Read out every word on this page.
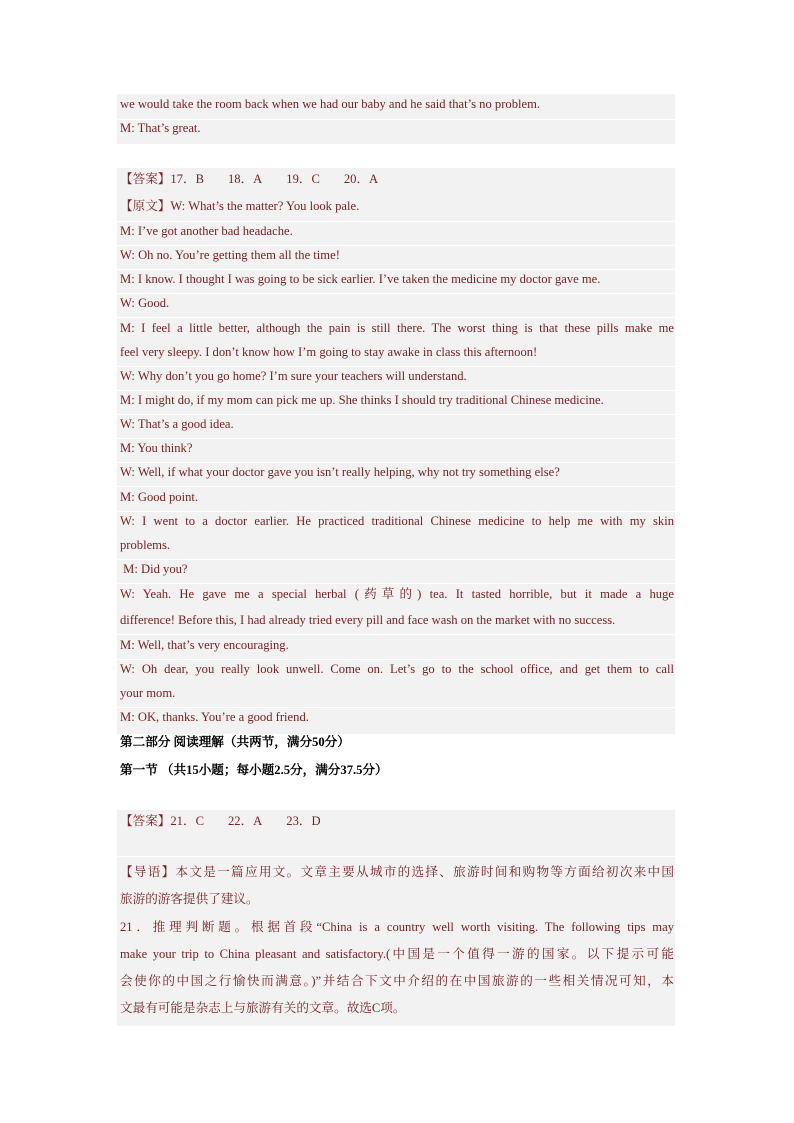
we would take the room back when we had our baby and he said that’s no problem.
M: That’s great.
【答案】17．B 18．A 19．C 20．A
【原文】W: What’s the matter? You look pale.
M: I’ve got another bad headache.
W: Oh no. You’re getting them all the time!
M: I know. I thought I was going to be sick earlier. I’ve taken the medicine my doctor gave me.
W: Good.
M: I feel a little better, although the pain is still there. The worst thing is that these pills make me
feel very sleepy. I don’t know how I’m going to stay awake in class this afternoon!
W: Why don’t you go home? I’m sure your teachers will understand.
M: I might do, if my mom can pick me up. She thinks I should try traditional Chinese medicine.
W: That’s a good idea.
M: You think?
W: Well, if what your doctor gave you isn’t really helping, why not try something else?
M: Good point.
W: I went to a doctor earlier. He practiced traditional Chinese medicine to help me with my skin
problems.
M: Did you?
W: Yeah. He gave me a special herbal (药草的) tea. It tasted horrible, but it made a huge
difference! Before this, I had already tried every pill and face wash on the market with no success.
M: Well, that’s very encouraging.
W: Oh dear, you really look unwell. Come on. Let’s go to the school office, and get them to call
your mom.
M: OK, thanks. You’re a good friend.
第二部分 阅读理解（共两节，满分50分）
第一节 （共15小题；每小题2.5分，满分37.5分）
【答案】21．C 22．A 23．D
【导语】本文是一篇应用文。文章主要从城市的选择、旅游时间和购物等方面给初次来中国
旅游的游客提供了建议。
21．推理判断题。根据首段“China is a country well worth visiting. The following tips may
make your trip to China pleasant and satisfactory.(中国是一个值得一游的国家。以下提示可能
会使你的中国之行愉快而满意。)”并结合下文中介绍的在中国旅游的一些相关情况可知，本
文最有可能是杂志上与旅游有关的文章。故选C项。
